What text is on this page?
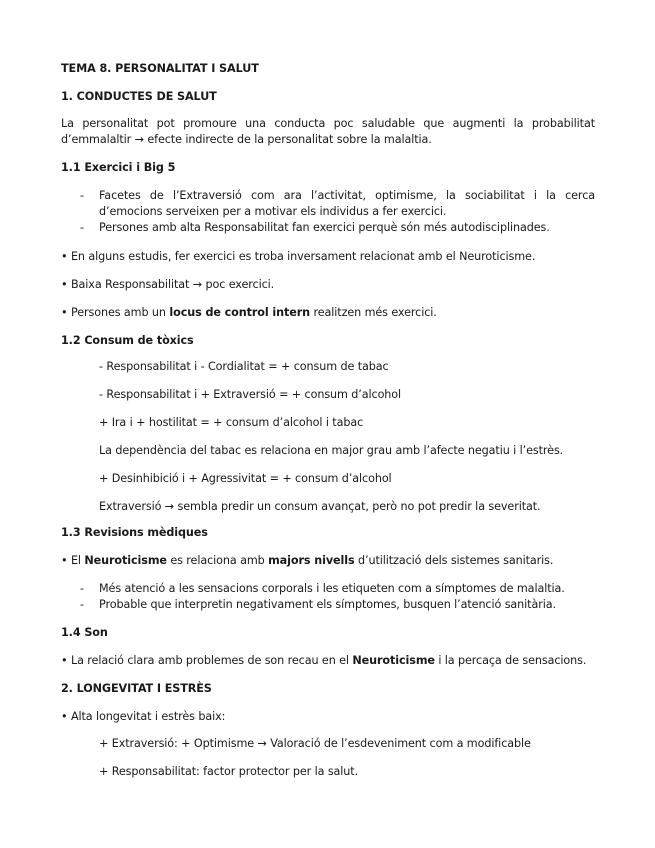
TEMA 8. PERSONALITAT I SALUT
1. CONDUCTES DE SALUT
La personalitat pot promoure una conducta poc saludable que augmenti la probabilitat d’emmalaltir → efecte indirecte de la personalitat sobre la malaltia.
1.1 Exercici i Big 5
- Facetes de l’Extraversió com ara l’activitat, optimisme, la sociabilitat i la cerca d’emocions serveixen per a motivar els individus a fer exercici.
- Persones amb alta Responsabilitat fan exercici perquè són més autodisciplinades.
• En alguns estudis, fer exercici es troba inversament relacionat amb el Neuroticisme.
• Baixa Responsabilitat → poc exercici.
• Persones amb un locus de control intern realitzen més exercici.
1.2 Consum de tòxics
- Responsabilitat i - Cordialitat = + consum de tabac
- Responsabilitat i + Extraversió = + consum d’alcohol
+ Ira i + hostilitat = + consum d’alcohol i tabac
La dependència del tabac es relaciona en major grau amb l’afecte negatiu i l’estrès.
+ Desinhibició i + Agressivitat = + consum d’alcohol
Extraversió → sembla predir un consum avançat, però no pot predir la severitat.
1.3 Revisions mèdiques
• El Neuroticisme es relaciona amb majors nivells d’utilització dels sistemes sanitaris.
- Més atenció a les sensacions corporals i les etiqueten com a símptomes de malaltia.
- Probable que interpretin negativament els símptomes, busquen l’atenció sanitària.
1.4 Son
• La relació clara amb problemes de son recau en el Neuroticisme i la percaça de sensacions.
2. LONGEVITAT I ESTRÈS
• Alta longevitat i estrès baix:
+ Extraversió: + Optimisme → Valoració de l’esdeveniment com a modificable
+ Responsabilitat: factor protector per la salut.
